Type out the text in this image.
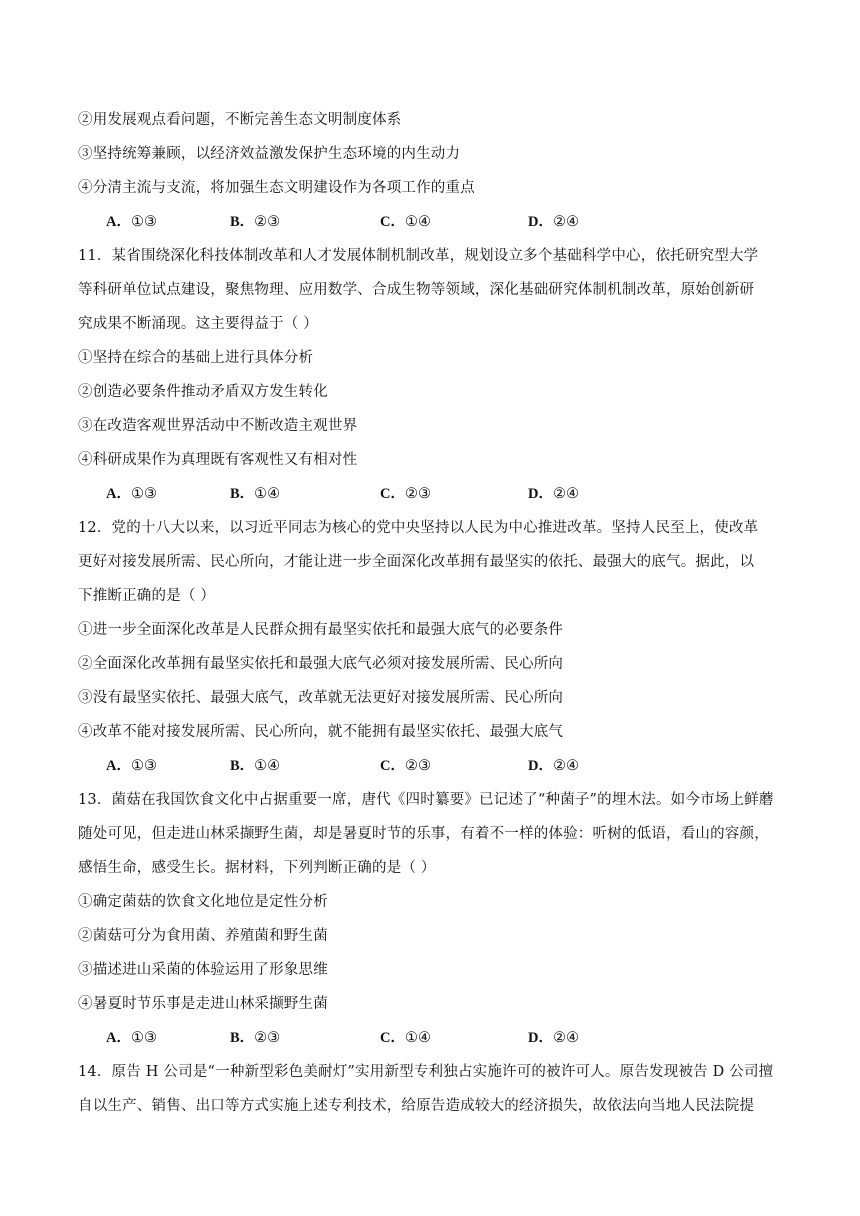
②用发展观点看问题，不断完善生态文明制度体系
③坚持统筹兼顾，以经济效益激发保护生态环境的内生动力
④分清主流与支流，将加强生态文明建设作为各项工作的重点
A．①③	B．②③	C．①④	D．②④
11．某省围绕深化科技体制改革和人才发展体制机制改革，规划设立多个基础科学中心，依托研究型大学
等科研单位试点建设，聚焦物理、应用数学、合成生物等领域，深化基础研究体制机制改革，原始创新研
究成果不断涌现。这主要得益于（ ）
①坚持在综合的基础上进行具体分析
②创造必要条件推动矛盾双方发生转化
③在改造客观世界活动中不断改造主观世界
④科研成果作为真理既有客观性又有相对性
A．①③	B．①④	C．②③	D．②④
12．党的十八大以来，以习近平同志为核心的党中央坚持以人民为中心推进改革。坚持人民至上，使改革
更好对接发展所需、民心所向，才能让进一步全面深化改革拥有最坚实的依托、最强大的底气。据此，以
下推断正确的是（ ）
①进一步全面深化改革是人民群众拥有最坚实依托和最强大底气的必要条件
②全面深化改革拥有最坚实依托和最强大底气必须对接发展所需、民心所向
③没有最坚实依托、最强大底气，改革就无法更好对接发展所需、民心所向
④改革不能对接发展所需、民心所向，就不能拥有最坚实依托、最强大底气
A．①③	B．①④	C．②③	D．②④
13．菌菇在我国饮食文化中占据重要一席，唐代《四时纂要》已记述了“种菌子”的埋木法。如今市场上鲜蘑
随处可见，但走进山林采撷野生菌，却是暑夏时节的乐事，有着不一样的体验：听树的低语，看山的容颜，
感悟生命，感受生长。据材料，下列判断正确的是（ ）
①确定菌菇的饮食文化地位是定性分析
②菌菇可分为食用菌、养殖菌和野生菌
③描述进山采菌的体验运用了形象思维
④暑夏时节乐事是走进山林采撷野生菌
A．①③	B．②③	C．①④	D．②④
14．原告 H 公司是“一种新型彩色美耐灯”实用新型专利独占实施许可的被许可人。原告发现被告 D 公司擅
自以生产、销售、出口等方式实施上述专利技术，给原告造成较大的经济损失，故依法向当地人民法院提
